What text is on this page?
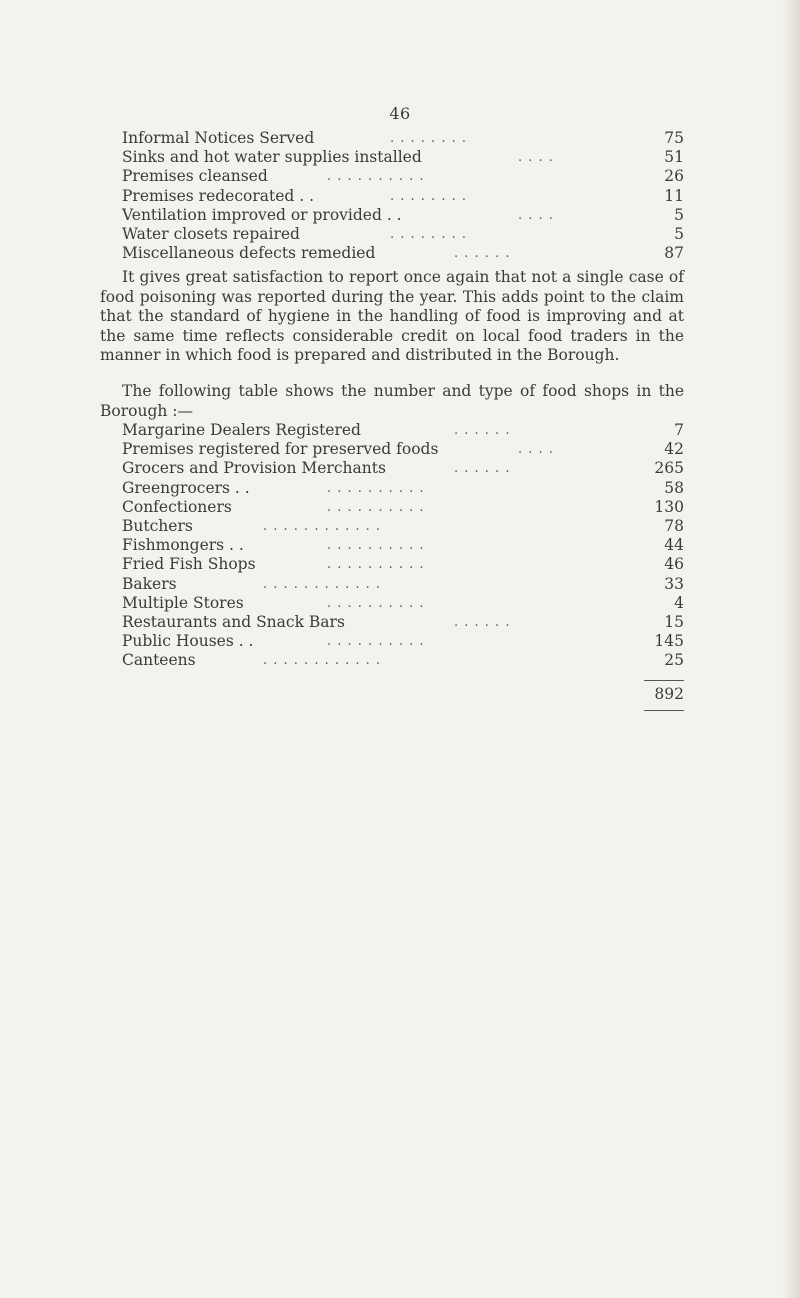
46
Informal Notices Served	. . . . . . . .	75
Sinks and hot water supplies installed	. . . .	51
Premises cleansed	. . . . . . . . . .	26
Premises redecorated . .	. . . . . . . .	11
Ventilation improved or provided . .	. . . .	5
Water closets repaired	. . . . . . . .	5
Miscellaneous defects remedied	. . . . . .	87
It gives great satisfaction to report once again that not a single case of food poisoning was reported during the year. This adds point to the claim that the standard of hygiene in the handling of food is improving and at the same time reflects considerable credit on local food traders in the manner in which food is prepared and distributed in the Borough.
The following table shows the number and type of food shops in the Borough :—
Margarine Dealers Registered	. . . . . .	7
Premises registered for preserved foods	. . . .	42
Grocers and Provision Merchants	. . . . . .	265
Greengrocers . .	. . . . . . . . . .	58
Confectioners	. . . . . . . . . .	130
Butchers	. . . . . . . . . . . .	78
Fishmongers . .	. . . . . . . . . .	44
Fried Fish Shops	. . . . . . . . . .	46
Bakers	. . . . . . . . . . . .	33
Multiple Stores	. . . . . . . . . .	4
Restaurants and Snack Bars	. . . . . .	15
Public Houses . .	. . . . . . . . . .	145
Canteens	. . . . . . . . . . . .	25
892
